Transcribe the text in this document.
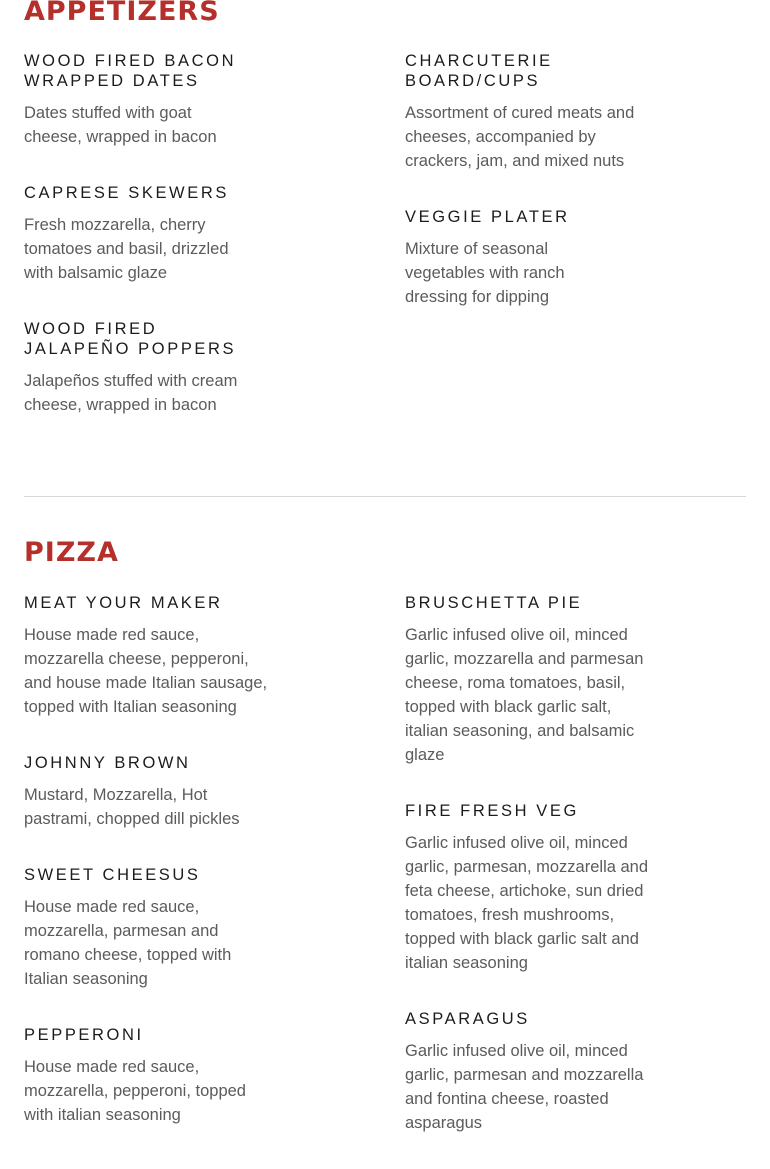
APPETIZERS
WOOD FIRED BACON WRAPPED DATES

Dates stuffed with goat cheese, wrapped in bacon

CAPRESE SKEWERS

Fresh mozzarella, cherry tomatoes and basil, drizzled with balsamic glaze

WOOD FIRED JALAPEÑO POPPERS

Jalapeños stuffed with cream cheese, wrapped in bacon

CHARCUTERIE BOARD/CUPS

Assortment of cured meats and cheeses, accompanied by crackers, jam, and mixed nuts

VEGGIE PLATER

Mixture of seasonal vegetables with ranch dressing for dipping

PIZZA
MEAT YOUR MAKER

House made red sauce, mozzarella cheese, pepperoni, and house made Italian sausage, topped with Italian seasoning

JOHNNY BROWN

Mustard, Mozzarella, Hot pastrami, chopped dill pickles

SWEET CHEESUS

House made red sauce, mozzarella, parmesan and romano cheese, topped with Italian seasoning

PEPPERONI

House made red sauce, mozzarella, pepperoni, topped with italian seasoning

BRUSCHETTA PIE

Garlic infused olive oil, minced garlic, mozzarella and parmesan cheese, roma tomatoes, basil, topped with black garlic salt, italian seasoning, and balsamic glaze

FIRE FRESH VEG

Garlic infused olive oil, minced garlic, parmesan, mozzarella and feta cheese, artichoke, sun dried tomatoes, fresh mushrooms, topped with black garlic salt and italian seasoning

ASPARAGUS

Garlic infused olive oil, minced garlic, parmesan and mozzarella and fontina cheese, roasted asparagus
